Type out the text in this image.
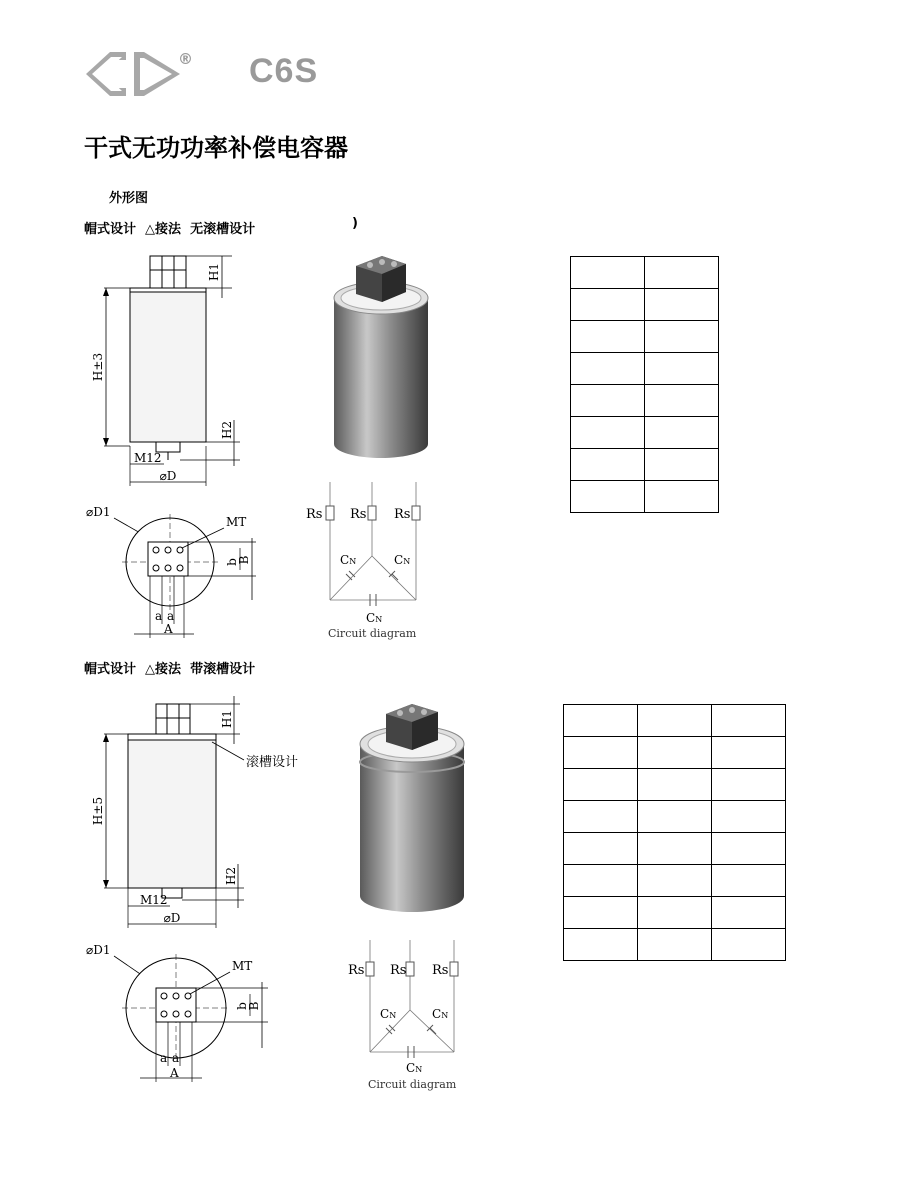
® C6S
干式无功功率补偿电容器
外形图
帽式设计  △接法  无滚槽设计	)
H±3
H1
H2
M12
⌀D
⌀D1
MT
b
B
a a
A
Rs Rs Rs
CN	CN
CN
Circuit diagram

帽式设计  △接法  带滚槽设计
H±5
H1
滚槽设计
H2
M12
⌀D
⌀D1
MT
b
B
a a
A
Rs Rs Rs
CN	CN
CN
Circuit diagram
